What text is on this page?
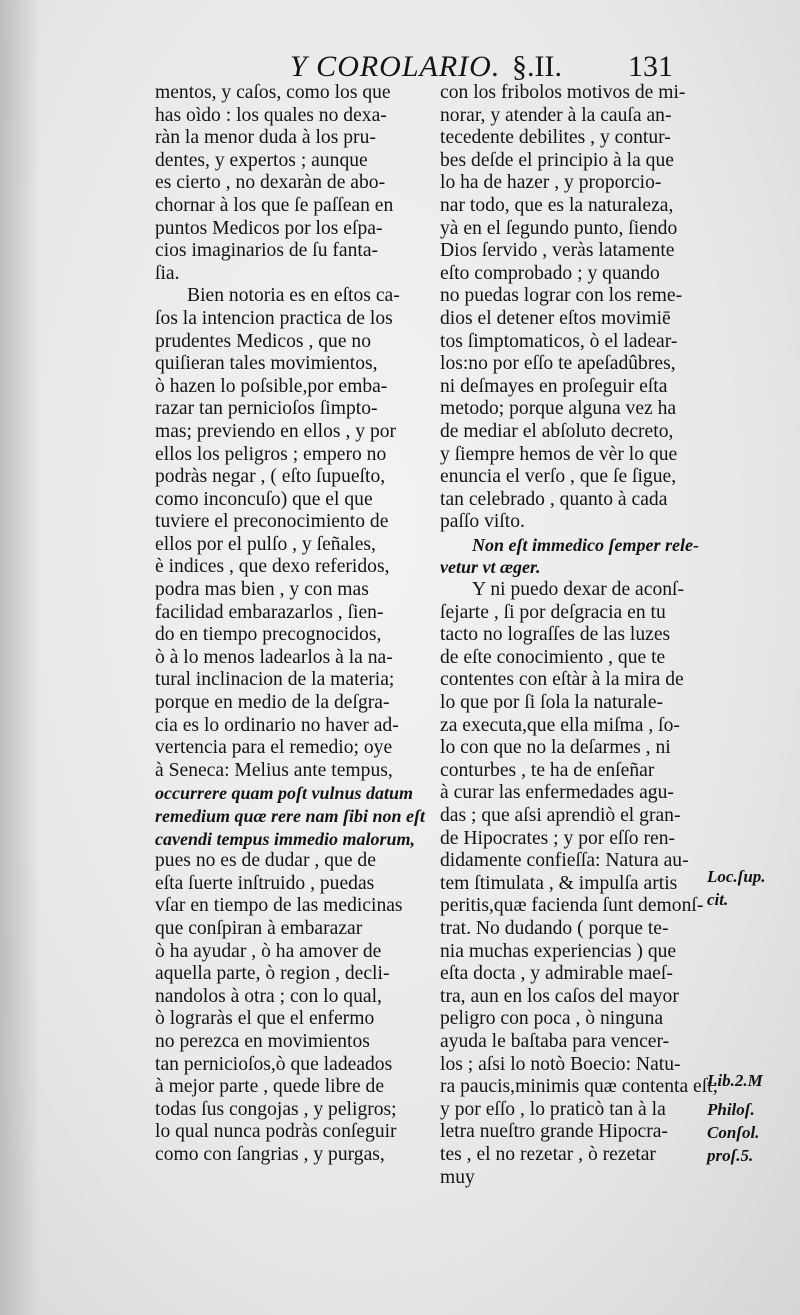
Y COROLARIO. §.II. 131
mentos, y caſos, como los que
has oìdo : los quales no dexa-
ràn la menor duda à los pru-
dentes, y expertos ; aunque
es cierto , no dexaràn de abo-
chornar à los que ſe paſſean en
puntos Medicos por los eſpa-
cios imaginarios de ſu fanta-
ſia.
Bien notoria es en eſtos ca-
ſos la intencion practica de los
prudentes Medicos , que no
quiſieran tales movimientos,
ò hazen lo poſsible,por emba-
razar tan pernicioſos ſimpto-
mas; previendo en ellos , y por
ellos los peligros ; empero no
podràs negar , ( eſto ſupueſto,
como inconcuſo) que el que
tuviere el preconocimiento de
ellos por el pulſo , y ſeñales,
è indices , que dexo referidos,
podra mas bien , y con mas
facilidad embarazarlos , ſien-
do en tiempo precognocidos,
ò à lo menos ladearlos à la na-
tural inclinacion de la materia;
porque en medio de la deſgra-
cia es lo ordinario no haver ad-
vertencia para el remedio; oye
à Seneca: Melius ante tempus,
occurrere quam poſt vulnus datum
remedium quæ rere nam ſibi non eſt
cavendi tempus immedio malorum,
pues no es de dudar , que de
eſta ſuerte inſtruido , puedas
vſar en tiempo de las medicinas
que conſpiran à embarazar
ò ha ayudar , ò ha amover de
aquella parte, ò region , decli-
nandolos à otra ; con lo qual,
ò lograràs el que el enfermo
no perezca en movimientos
tan pernicioſos,ò que ladeados
à mejor parte , quede libre de
todas ſus congojas , y peligros;
lo qual nunca podràs conſeguir
como con ſangrias , y purgas,
con los fribolos motivos de mi-
norar, y atender à la cauſa an-
tecedente debilites , y contur-
bes deſde el principio à la que
lo ha de hazer , y proporcio-
nar todo, que es la naturaleza,
yà en el ſegundo punto, ſiendo
Dios ſervido , veràs latamente
eſto comprobado ; y quando
no puedas lograr con los reme-
dios el detener eſtos movimiē
tos ſimptomaticos, ò el ladear-
los:no por eſſo te apeſadûbres,
ni deſmayes en proſeguir eſta
metodo; porque alguna vez ha
de mediar el abſoluto decreto,
y ſiempre hemos de vèr lo que
enuncia el verſo , que ſe ſigue,
tan celebrado , quanto à cada
paſſo viſto.
Non eſt immedico ſemper rele-
vetur vt æger.
Y ni puedo dexar de aconſ-
ſejarte , ſi por deſgracia en tu
tacto no lograſſes de las luzes
de eſte conocimiento , que te
contentes con eſtàr à la mira de
lo que por ſi ſola la naturale-
za executa,que ella miſma , ſo-
lo con que no la deſarmes , ni
conturbes , te ha de enſeñar
à curar las enfermedades agu-
das ; que aſsi aprendiò el gran-
de Hipocrates ; y por eſſo ren-
didamente confieſſa: Natura au-
tem ſtimulata , & impulſa artis
peritis,quæ facienda ſunt demonſ-
trat. No dudando ( porque te-
nia muchas experiencias ) que
eſta docta , y admirable maeſ-
tra, aun en los caſos del mayor
peligro con poca , ò ninguna
ayuda le baſtaba para vencer-
los ; aſsi lo notò Boecio: Natu-
ra paucis,minimis quæ contenta eſt;
y por eſſo , lo praticò tan à la
letra nueſtro grande Hipocra-
tes , el no rezetar , ò rezetar
muy
Loc.ſup.
cit.
Lib.2.M
Philoſ.
Conſol.
proſ.5.
